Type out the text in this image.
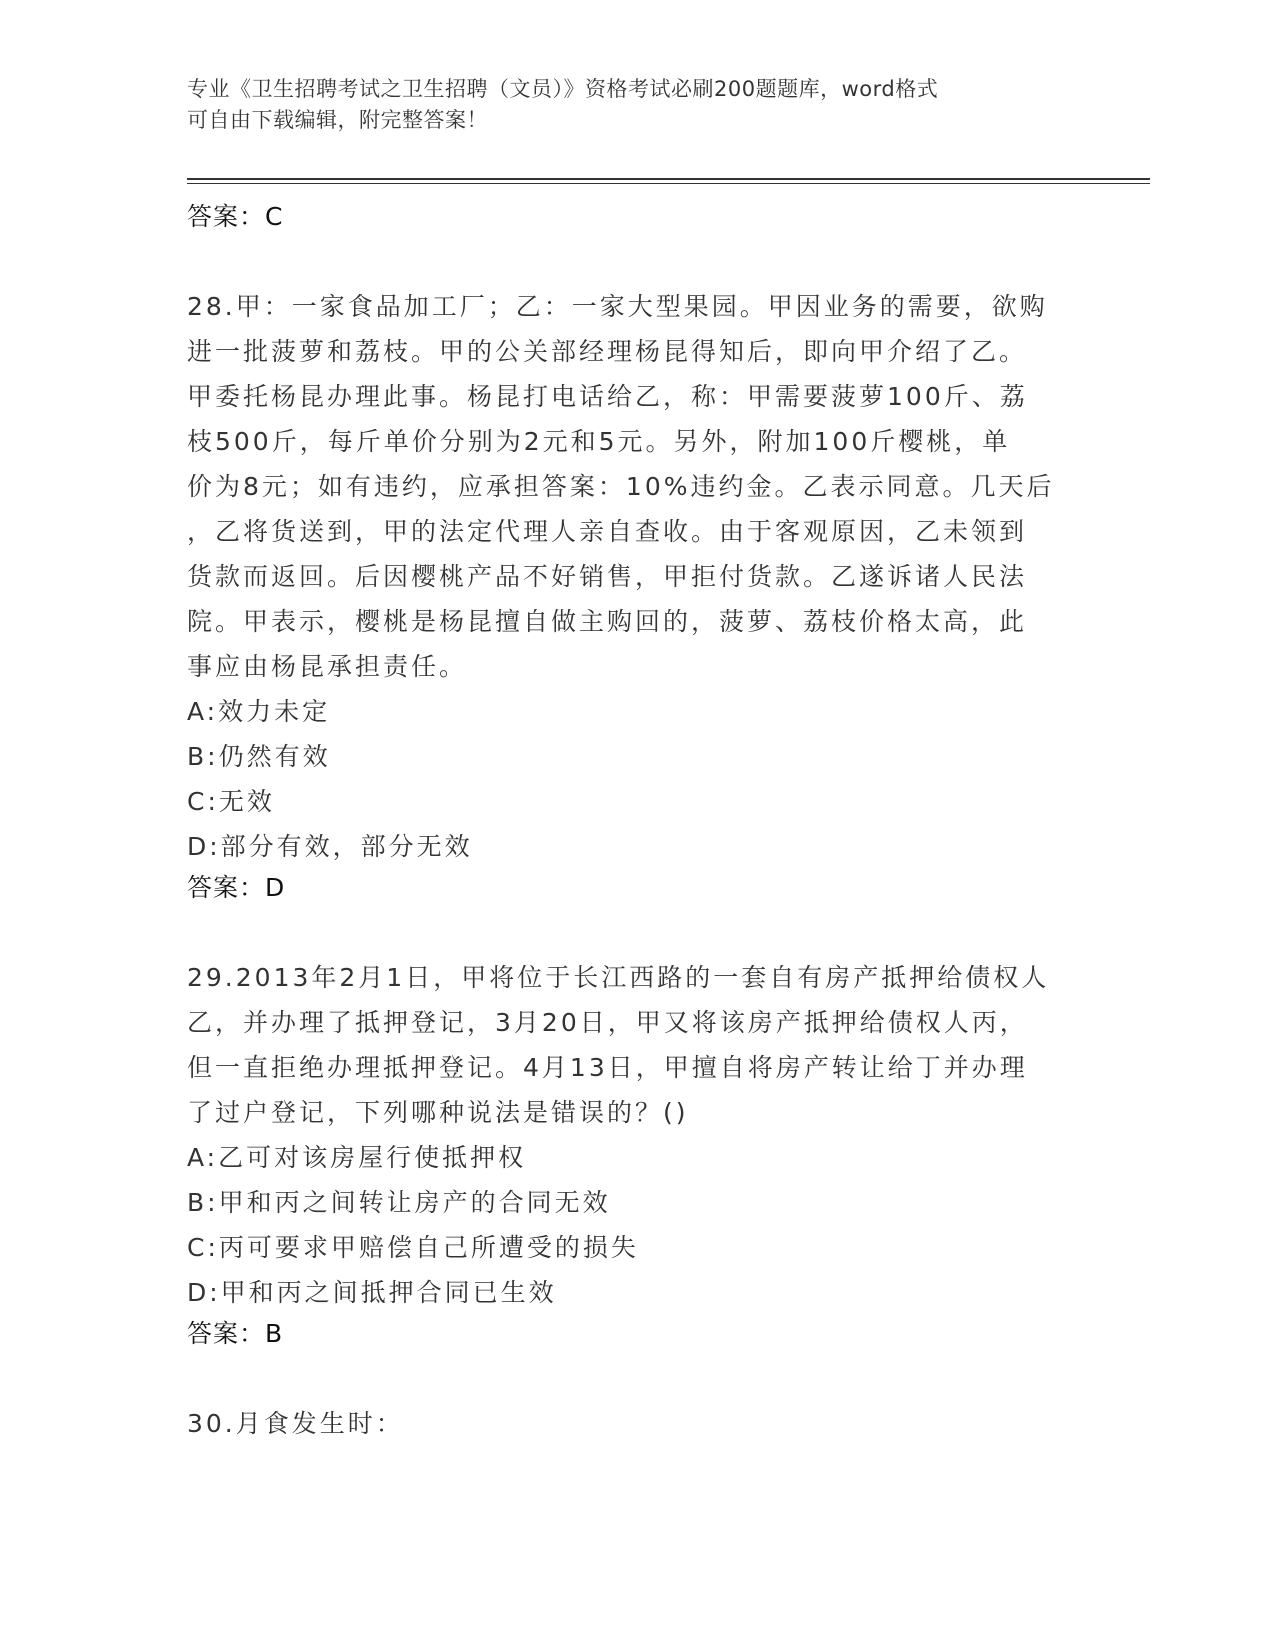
专业《卫生招聘考试之卫生招聘（文员）》资格考试必刷200题题库，word格式
可自由下载编辑，附完整答案！
答案：C

28.甲：一家食品加工厂；乙：一家大型果园。甲因业务的需要，欲购

进一批菠萝和荔枝。甲的公关部经理杨昆得知后，即向甲介绍了乙。

甲委托杨昆办理此事。杨昆打电话给乙，称：甲需要菠萝100斤、荔

枝500斤，每斤单价分别为2元和5元。另外，附加100斤樱桃，单

价为8元；如有违约，应承担答案：10%违约金。乙表示同意。几天后

，乙将货送到，甲的法定代理人亲自查收。由于客观原因，乙未领到

货款而返回。后因樱桃产品不好销售，甲拒付货款。乙遂诉诸人民法

院。甲表示，樱桃是杨昆擅自做主购回的，菠萝、荔枝价格太高，此

事应由杨昆承担责任。

A:效力未定

B:仍然有效

C:无效

D:部分有效，部分无效

答案：D

29.2013年2月1日，甲将位于长江西路的一套自有房产抵押给债权人

乙，并办理了抵押登记，3月20日，甲又将该房产抵押给债权人丙，

但一直拒绝办理抵押登记。4月13日，甲擅自将房产转让给丁并办理

了过户登记，下列哪种说法是错误的？()

A:乙可对该房屋行使抵押权

B:甲和丙之间转让房产的合同无效

C:丙可要求甲赔偿自己所遭受的损失

D:甲和丙之间抵押合同已生效

答案：B

30.月食发生时：
